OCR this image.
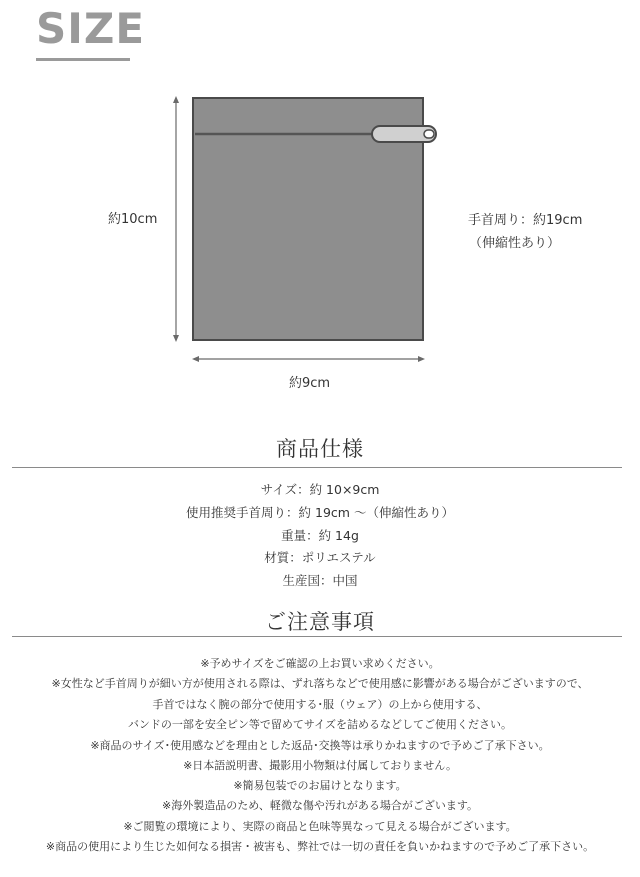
SIZE
約10cm
約9cm
手首周り：約19cm
（伸縮性あり）
商品仕様
サイズ：約 10×9cm
使用推奨手首周り：約 19cm 〜（伸縮性あり）
重量：約 14g
材質：ポリエステル
生産国：中国
ご注意事項
※予めサイズをご確認の上お買い求めください。
※女性など手首周りが細い方が使用される際は、ずれ落ちなどで使用感に影響がある場合がございますので、
手首ではなく腕の部分で使用する･服（ウェア）の上から使用する、
バンドの一部を安全ピン等で留めてサイズを詰めるなどしてご使用ください。
※商品のサイズ･使用感などを理由とした返品･交換等は承りかねますので予めご了承下さい。
※日本語説明書、撮影用小物類は付属しておりません。
※簡易包装でのお届けとなります。
※海外製造品のため、軽微な傷や汚れがある場合がございます。
※ご閲覧の環境により、実際の商品と色味等異なって見える場合がございます。
※商品の使用により生じた如何なる損害・被害も、弊社では一切の責任を負いかねますので予めご了承下さい。
